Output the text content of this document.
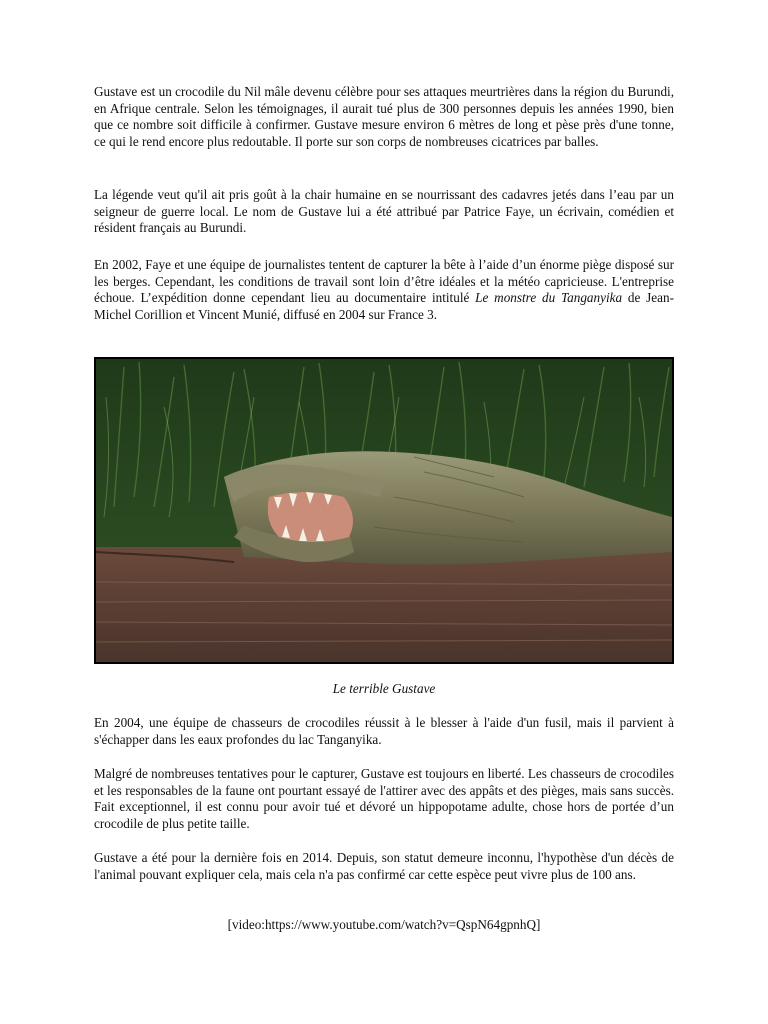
Gustave est un crocodile du Nil mâle devenu célèbre pour ses attaques meurtrières dans la région du Burundi, en Afrique centrale. Selon les témoignages, il aurait tué plus de 300 personnes depuis les années 1990, bien que ce nombre soit difficile à confirmer. Gustave mesure environ 6 mètres de long et pèse près d'une tonne, ce qui le rend encore plus redoutable. Il porte sur son corps de nombreuses cicatrices par balles.

La légende veut qu'il ait pris goût à la chair humaine en se nourrissant des cadavres jetés dans l’eau par un seigneur de guerre local. Le nom de Gustave lui a été attribué par Patrice Faye, un écrivain, comédien et résident français au Burundi.

En 2002, Faye et une équipe de journalistes tentent de capturer la bête à l’aide d’un énorme piège disposé sur les berges. Cependant, les conditions de travail sont loin d’être idéales et la météo capricieuse. L'entreprise échoue. L’expédition donne cependant lieu au documentaire intitulé Le monstre du Tanganyika de Jean-Michel Corillion et Vincent Munié, diffusé en 2004 sur France 3.

Le terrible Gustave

En 2004, une équipe de chasseurs de crocodiles réussit à le blesser à l'aide d'un fusil, mais il parvient à s'échapper dans les eaux profondes du lac Tanganyika.

Malgré de nombreuses tentatives pour le capturer, Gustave est toujours en liberté. Les chasseurs de crocodiles et les responsables de la faune ont pourtant essayé de l'attirer avec des appâts et des pièges, mais sans succès. Fait exceptionnel, il est connu pour avoir tué et dévoré un hippopotame adulte, chose hors de portée d’un crocodile de plus petite taille.

Gustave a été pour la dernière fois en 2014. Depuis, son statut demeure inconnu, l'hypothèse d'un décès de l'animal pouvant expliquer cela, mais cela n'a pas confirmé car cette espèce peut vivre plus de 100 ans.

[video:https://www.youtube.com/watch?v=QspN64gpnhQ]
